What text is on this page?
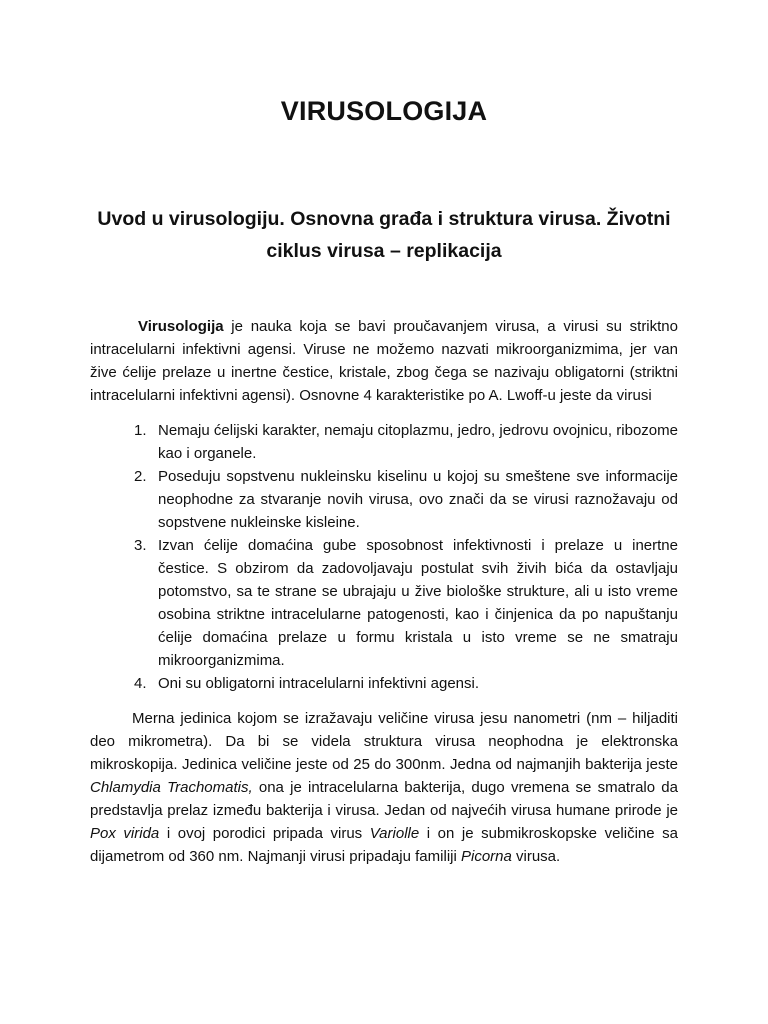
VIRUSOLOGIJA
Uvod u virusologiju. Osnovna građa i struktura virusa. Životni ciklus virusa – replikacija

Virusologija je nauka koja se bavi proučavanjem virusa, a virusi su striktno intracelularni infektivni agensi. Viruse ne možemo nazvati mikroorganizmima, jer van žive ćelije prelaze u inertne čestice, kristale, zbog čega se nazivaju obligatorni (striktni intracelularni infektivni agensi). Osnovne 4 karakteristike po A. Lwoff-u jeste da virusi

1. Nemaju ćelijski karakter, nemaju citoplazmu, jedro, jedrovu ovojnicu, ribozome kao i organele.
2. Poseduju sopstvenu nukleinsku kiselinu u kojoj su smeštene sve informacije neophodne za stvaranje novih virusa, ovo znači da se virusi raznožavaju od sopstvene nukleinske kisleine.
3. Izvan ćelije domaćina gube sposobnost infektivnosti i prelaze u inertne čestice. S obzirom da zadovoljavaju postulat svih živih bića da ostavljaju potomstvo, sa te strane se ubrajaju u žive biološke strukture, ali u isto vreme osobina striktne intracelularne patogenosti, kao i činjenica da po napuštanju ćelije domaćina prelaze u formu kristala u isto vreme se ne smatraju mikroorganizmima.
4. Oni su obligatorni intracelularni infektivni agensi.

Merna jedinica kojom se izražavaju veličine virusa jesu nanometri (nm – hiljaditi deo mikrometra). Da bi se videla struktura virusa neophodna je elektronska mikroskopija. Jedinica veličine jeste od 25 do 300nm. Jedna od najmanjih bakterija jeste Chlamydia Trachomatis, ona je intracelularna bakterija, dugo vremena se smatralo da predstavlja prelaz između bakterija i virusa. Jedan od najvećih virusa humane prirode je Pox virida i ovoj porodici pripada virus Variolle i on je submikroskopske veličine sa dijametrom od 360 nm. Najmanji virusi pripadaju familiji Picorna virusa.
